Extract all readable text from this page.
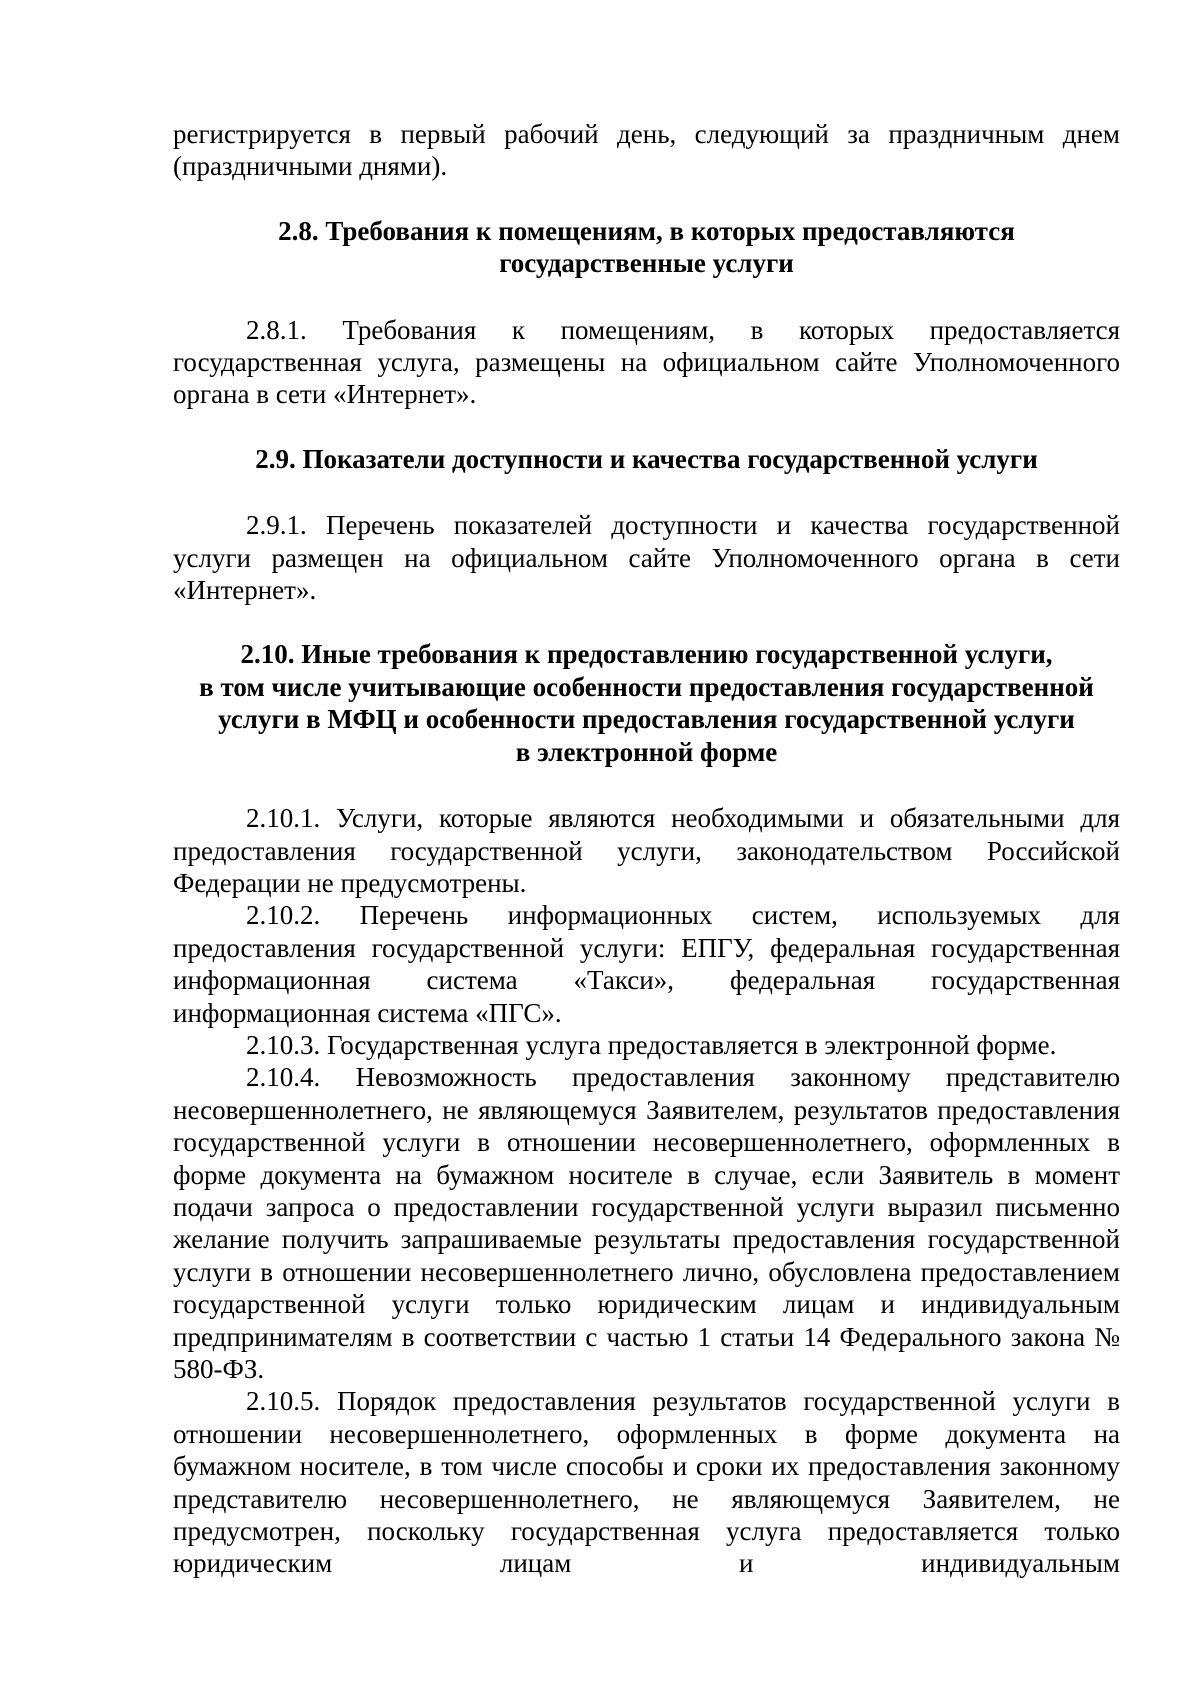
регистрируется в первый рабочий день, следующий за праздничным днем (праздничными днями).

2.8. Требования к помещениям, в которых предоставляются
государственные услуги

2.8.1. Требования к помещениям, в которых предоставляется государственная услуга, размещены на официальном сайте Уполномоченного органа в сети «Интернет».

2.9. Показатели доступности и качества государственной услуги

2.9.1. Перечень показателей доступности и качества государственной услуги размещен на официальном сайте Уполномоченного органа в сети «Интернет».

2.10. Иные требования к предоставлению государственной услуги,
в том числе учитывающие особенности предоставления государственной
услуги в МФЦ и особенности предоставления государственной услуги
в электронной форме

2.10.1. Услуги, которые являются необходимыми и обязательными для предоставления государственной услуги, законодательством Российской Федерации не предусмотрены.

2.10.2. Перечень информационных систем, используемых для предоставления государственной услуги: ЕПГУ, федеральная государственная информационная система «Такси», федеральная государственная информационная система «ПГС».

2.10.3. Государственная услуга предоставляется в электронной форме.

2.10.4. Невозможность предоставления законному представителю несовершеннолетнего, не являющемуся Заявителем, результатов предоставления государственной услуги в отношении несовершеннолетнего, оформленных в форме документа на бумажном носителе в случае, если Заявитель в момент подачи запроса о предоставлении государственной услуги выразил письменно желание получить запрашиваемые результаты предоставления государственной услуги в отношении несовершеннолетнего лично, обусловлена предоставлением государственной услуги только юридическим лицам и индивидуальным предпринимателям в соответствии с частью 1 статьи 14 Федерального закона № 580-ФЗ.

2.10.5. Порядок предоставления результатов государственной услуги в отношении несовершеннолетнего, оформленных в форме документа на бумажном носителе, в том числе способы и сроки их предоставления законному представителю несовершеннолетнего, не являющемуся Заявителем, не предусмотрен, поскольку государственная услуга предоставляется только юридическим лицам и индивидуальным
